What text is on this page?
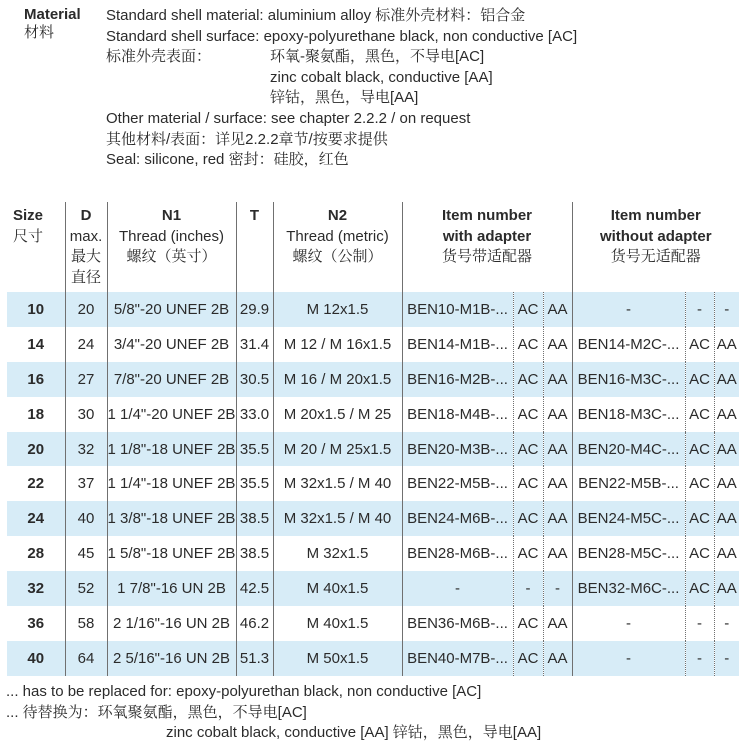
Material
材料
Standard shell material: aluminium alloy 标准外壳材料：铝合金
Standard shell surface: epoxy-polyurethane black, non conductive [AC]
标准外壳表面：	环氧-聚氨酯，黑色，不导电[AC]
zinc cobalt black, conductive [AA]
锌钴，黑色，导电[AA]
Other material / surface: see chapter 2.2.2 / on request
其他材料/表面：详见2.2.2章节/按要求提供
Seal: silicone, red 密封：硅胶，红色
Size
尺寸	D
max.
最大
直径	N1
Thread (inches)
螺纹（英寸）	T	N2
Thread (metric)
螺纹（公制）	Item number
with adapter
货号带适配器			Item number
without adapter
货号无适配器		

10	20	5/8"-20 UNEF 2B	29.9	M 12x1.5	BEN10-M1B-...	AC	AA	-	-	-
14	24	3/4"-20 UNEF 2B	31.4	M 12 / M 16x1.5	BEN14-M1B-...	AC	AA	BEN14-M2C-...	AC	AA
16	27	7/8"-20 UNEF 2B	30.5	M 16 / M 20x1.5	BEN16-M2B-...	AC	AA	BEN16-M3C-...	AC	AA
18	30	1 1/4"-20 UNEF 2B	33.0	M 20x1.5 / M 25	BEN18-M4B-...	AC	AA	BEN18-M3C-...	AC	AA
20	32	1 1/8"-18 UNEF 2B	35.5	M 20 / M 25x1.5	BEN20-M3B-...	AC	AA	BEN20-M4C-...	AC	AA
22	37	1 1/4"-18 UNEF 2B	35.5	M 32x1.5 / M 40	BEN22-M5B-...	AC	AA	BEN22-M5B-...	AC	AA
24	40	1 3/8"-18 UNEF 2B	38.5	M 32x1.5 / M 40	BEN24-M6B-...	AC	AA	BEN24-M5C-...	AC	AA
28	45	1 5/8"-18 UNEF 2B	38.5	M 32x1.5	BEN28-M6B-...	AC	AA	BEN28-M5C-...	AC	AA
32	52	1 7/8"-16 UN 2B	42.5	M 40x1.5	-	-	-	BEN32-M6C-...	AC	AA
36	58	2 1/16"-16 UN 2B	46.2	M 40x1.5	BEN36-M6B-...	AC	AA	-	-	-
40	64	2 5/16"-16 UN 2B	51.3	M 50x1.5	BEN40-M7B-...	AC	AA	-	-	-
... has to be replaced for: epoxy-polyurethan black, non conductive [AC]
... 待替换为：环氧聚氨酯，黑色，不导电[AC]
zinc cobalt black, conductive [AA] 锌钴，黑色，导电[AA]
